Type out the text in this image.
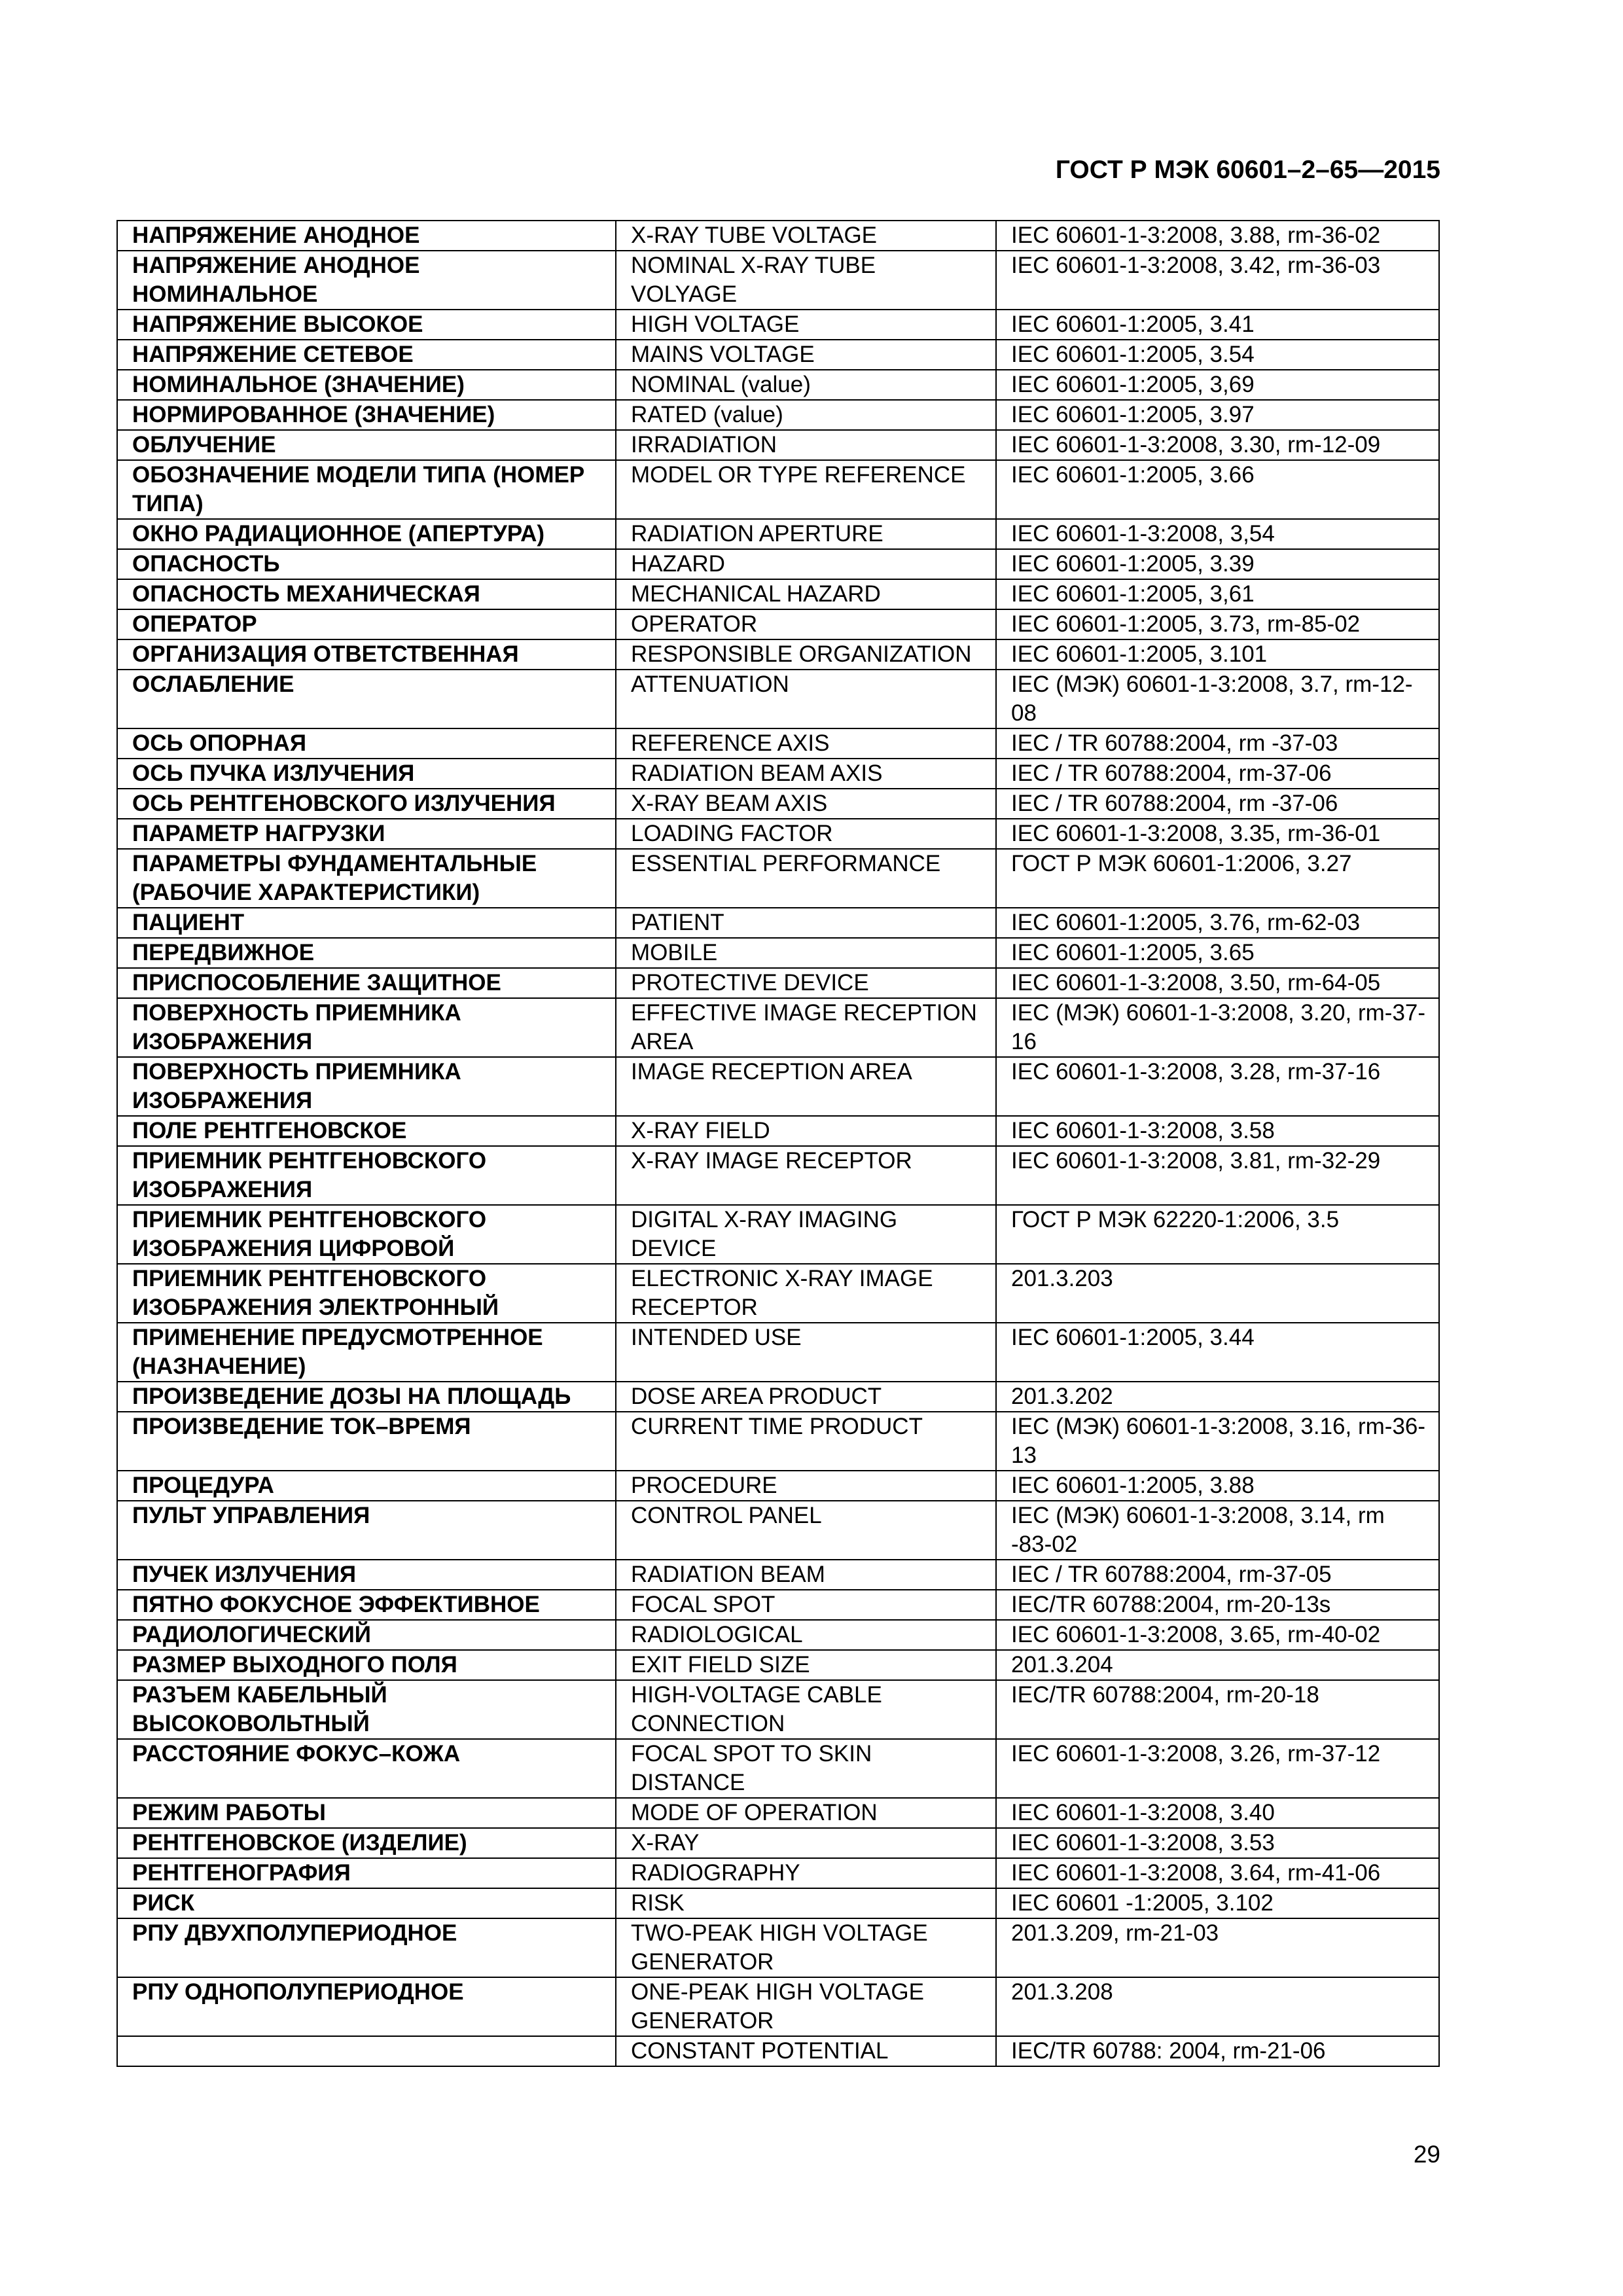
ГОСТ Р МЭК 60601–2–65—2015
НАПРЯЖЕНИЕ АНОДНОЕ	X-RAY TUBE VOLTAGE	IEC 60601-1-3:2008, 3.88, rm-36-02
НАПРЯЖЕНИЕ АНОДНОЕ НОМИНАЛЬНОЕ	NOMINAL X-RAY TUBE VOLYAGE	IEC 60601-1-3:2008, 3.42, rm-36-03
НАПРЯЖЕНИЕ ВЫСОКОЕ	HIGH VOLTAGE	IEC 60601-1:2005, 3.41
НАПРЯЖЕНИЕ СЕТЕВОЕ	MAINS VOLTAGE	IEC 60601-1:2005, 3.54
НОМИНАЛЬНОЕ (ЗНАЧЕНИЕ)	NOMINAL (value)	IEC 60601-1:2005, 3,69
НОРМИРОВАННОЕ (ЗНАЧЕНИЕ)	RATED (value)	IEC 60601-1:2005, 3.97
ОБЛУЧЕНИЕ	IRRADIATION	IEC 60601-1-3:2008, 3.30, rm-12-09
ОБОЗНАЧЕНИЕ МОДЕЛИ ТИПА (НОМЕР ТИПА)	MODEL OR TYPE REFERENCE	IEC 60601-1:2005, 3.66
ОКНО РАДИАЦИОННОЕ (АПЕРТУРА)	RADIATION APERTURE	IEC 60601-1-3:2008, 3,54
ОПАСНОСТЬ	HAZARD	IEC 60601-1:2005, 3.39
ОПАСНОСТЬ МЕХАНИЧЕСКАЯ	MECHANICAL HAZARD	IEC 60601-1:2005, 3,61
ОПЕРАТОР	OPERATOR	IEC 60601-1:2005, 3.73, rm-85-02
ОРГАНИЗАЦИЯ ОТВЕТСТВЕННАЯ	RESPONSIBLE ORGANIZATION	IEC 60601-1:2005, 3.101
ОСЛАБЛЕНИЕ	ATTENUATION	IEC (МЭК) 60601-1-3:2008, 3.7, rm-12-08
ОСЬ ОПОРНАЯ	REFERENCE AXIS	IEC / TR 60788:2004, rm -37-03
ОСЬ ПУЧКА ИЗЛУЧЕНИЯ	RADIATION BEAM AXIS	IEC / TR 60788:2004, rm-37-06
ОСЬ РЕНТГЕНОВСКОГО ИЗЛУЧЕНИЯ	X-RAY BEAM AXIS	IEC / TR 60788:2004, rm -37-06
ПАРАМЕТР НАГРУЗКИ	LOADING FACTOR	IEC 60601-1-3:2008, 3.35, rm-36-01
ПАРАМЕТРЫ ФУНДАМЕНТАЛЬНЫЕ (РАБОЧИЕ ХАРАКТЕРИСТИКИ)	ESSENTIAL PERFORMANCE	ГОСТ Р МЭК 60601-1:2006, 3.27
ПАЦИЕНТ	PATIENT	IEC 60601-1:2005, 3.76, rm-62-03
ПЕРЕДВИЖНОЕ	MOBILE	IEC 60601-1:2005, 3.65
ПРИСПОСОБЛЕНИЕ ЗАЩИТНОЕ	PROTECTIVE DEVICE	IEC 60601-1-3:2008, 3.50, rm-64-05
ПОВЕРХНОСТЬ ПРИЕМНИКА ИЗОБРАЖЕНИЯ	EFFECTIVE IMAGE RECEPTION AREA	IEC (МЭК) 60601-1-3:2008, 3.20, rm-37-16
ПОВЕРХНОСТЬ ПРИЕМНИКА ИЗОБРАЖЕНИЯ	IMAGE RECEPTION AREA	IEC 60601-1-3:2008, 3.28, rm-37-16
ПОЛЕ РЕНТГЕНОВСКОЕ	X-RAY FIELD	IEC 60601-1-3:2008, 3.58
ПРИЕМНИК РЕНТГЕНОВСКОГО ИЗОБРАЖЕНИЯ	X-RAY IMAGE RECEPTOR	IEC 60601-1-3:2008, 3.81, rm-32-29
ПРИЕМНИК РЕНТГЕНОВСКОГО ИЗОБРАЖЕНИЯ ЦИФРОВОЙ	DIGITAL X-RAY IMAGING DEVICE	ГОСТ Р МЭК 62220-1:2006, 3.5
ПРИЕМНИК РЕНТГЕНОВСКОГО ИЗОБРАЖЕНИЯ ЭЛЕКТРОННЫЙ	ELECTRONIC X-RAY IMAGE RECEPTOR	201.3.203
ПРИМЕНЕНИЕ ПРЕДУСМОТРЕННОЕ (НАЗНАЧЕНИЕ)	INTENDED USE	IEC 60601-1:2005, 3.44
ПРОИЗВЕДЕНИЕ ДОЗЫ НА ПЛОЩАДЬ	DOSE AREA PRODUCT	201.3.202
ПРОИЗВЕДЕНИЕ ТОК–ВРЕМЯ	CURRENT TIME PRODUCT	IEC (МЭК) 60601-1-3:2008, 3.16, rm-36-13
ПРОЦЕДУРА	PROCEDURE	IEC 60601-1:2005, 3.88
ПУЛЬТ УПРАВЛЕНИЯ	CONTROL PANEL	IEC (МЭК) 60601-1-3:2008, 3.14, rm -83-02
ПУЧЕК ИЗЛУЧЕНИЯ	RADIATION BEAM	IEC / TR 60788:2004, rm-37-05
ПЯТНО ФОКУСНОЕ ЭФФЕКТИВНОЕ	FOCAL SPOT	IEC/TR 60788:2004, rm-20-13s
РАДИОЛОГИЧЕСКИЙ	RADIOLOGICAL	IEC 60601-1-3:2008, 3.65, rm-40-02
РАЗМЕР ВЫХОДНОГО ПОЛЯ	EXIT FIELD SIZE	201.3.204
РАЗЪЕМ КАБЕЛЬНЫЙ ВЫСОКОВОЛЬТНЫЙ	HIGH-VOLTAGE CABLE CONNECTION	IEC/TR 60788:2004, rm-20-18
РАССТОЯНИЕ ФОКУС–КОЖА	FOCAL SPOT TO SKIN DISTANCE	IEC 60601-1-3:2008, 3.26, rm-37-12
РЕЖИМ РАБОТЫ	MODE OF OPERATION	IEC 60601-1-3:2008, 3.40
РЕНТГЕНОВСКОЕ (ИЗДЕЛИЕ)	X-RAY	IEC 60601-1-3:2008, 3.53
РЕНТГЕНОГРАФИЯ	RADIOGRAPHY	IEC 60601-1-3:2008, 3.64, rm-41-06
РИСК	RISK	IEC 60601 -1:2005, 3.102
РПУ ДВУХПОЛУПЕРИОДНОЕ	TWO-PEAK HIGH VOLTAGE GENERATOR	201.3.209, rm-21-03
РПУ ОДНОПОЛУПЕРИОДНОЕ	ONE-PEAK HIGH VOLTAGE GENERATOR	201.3.208
	CONSTANT POTENTIAL	IEC/TR 60788: 2004, rm-21-06
29
